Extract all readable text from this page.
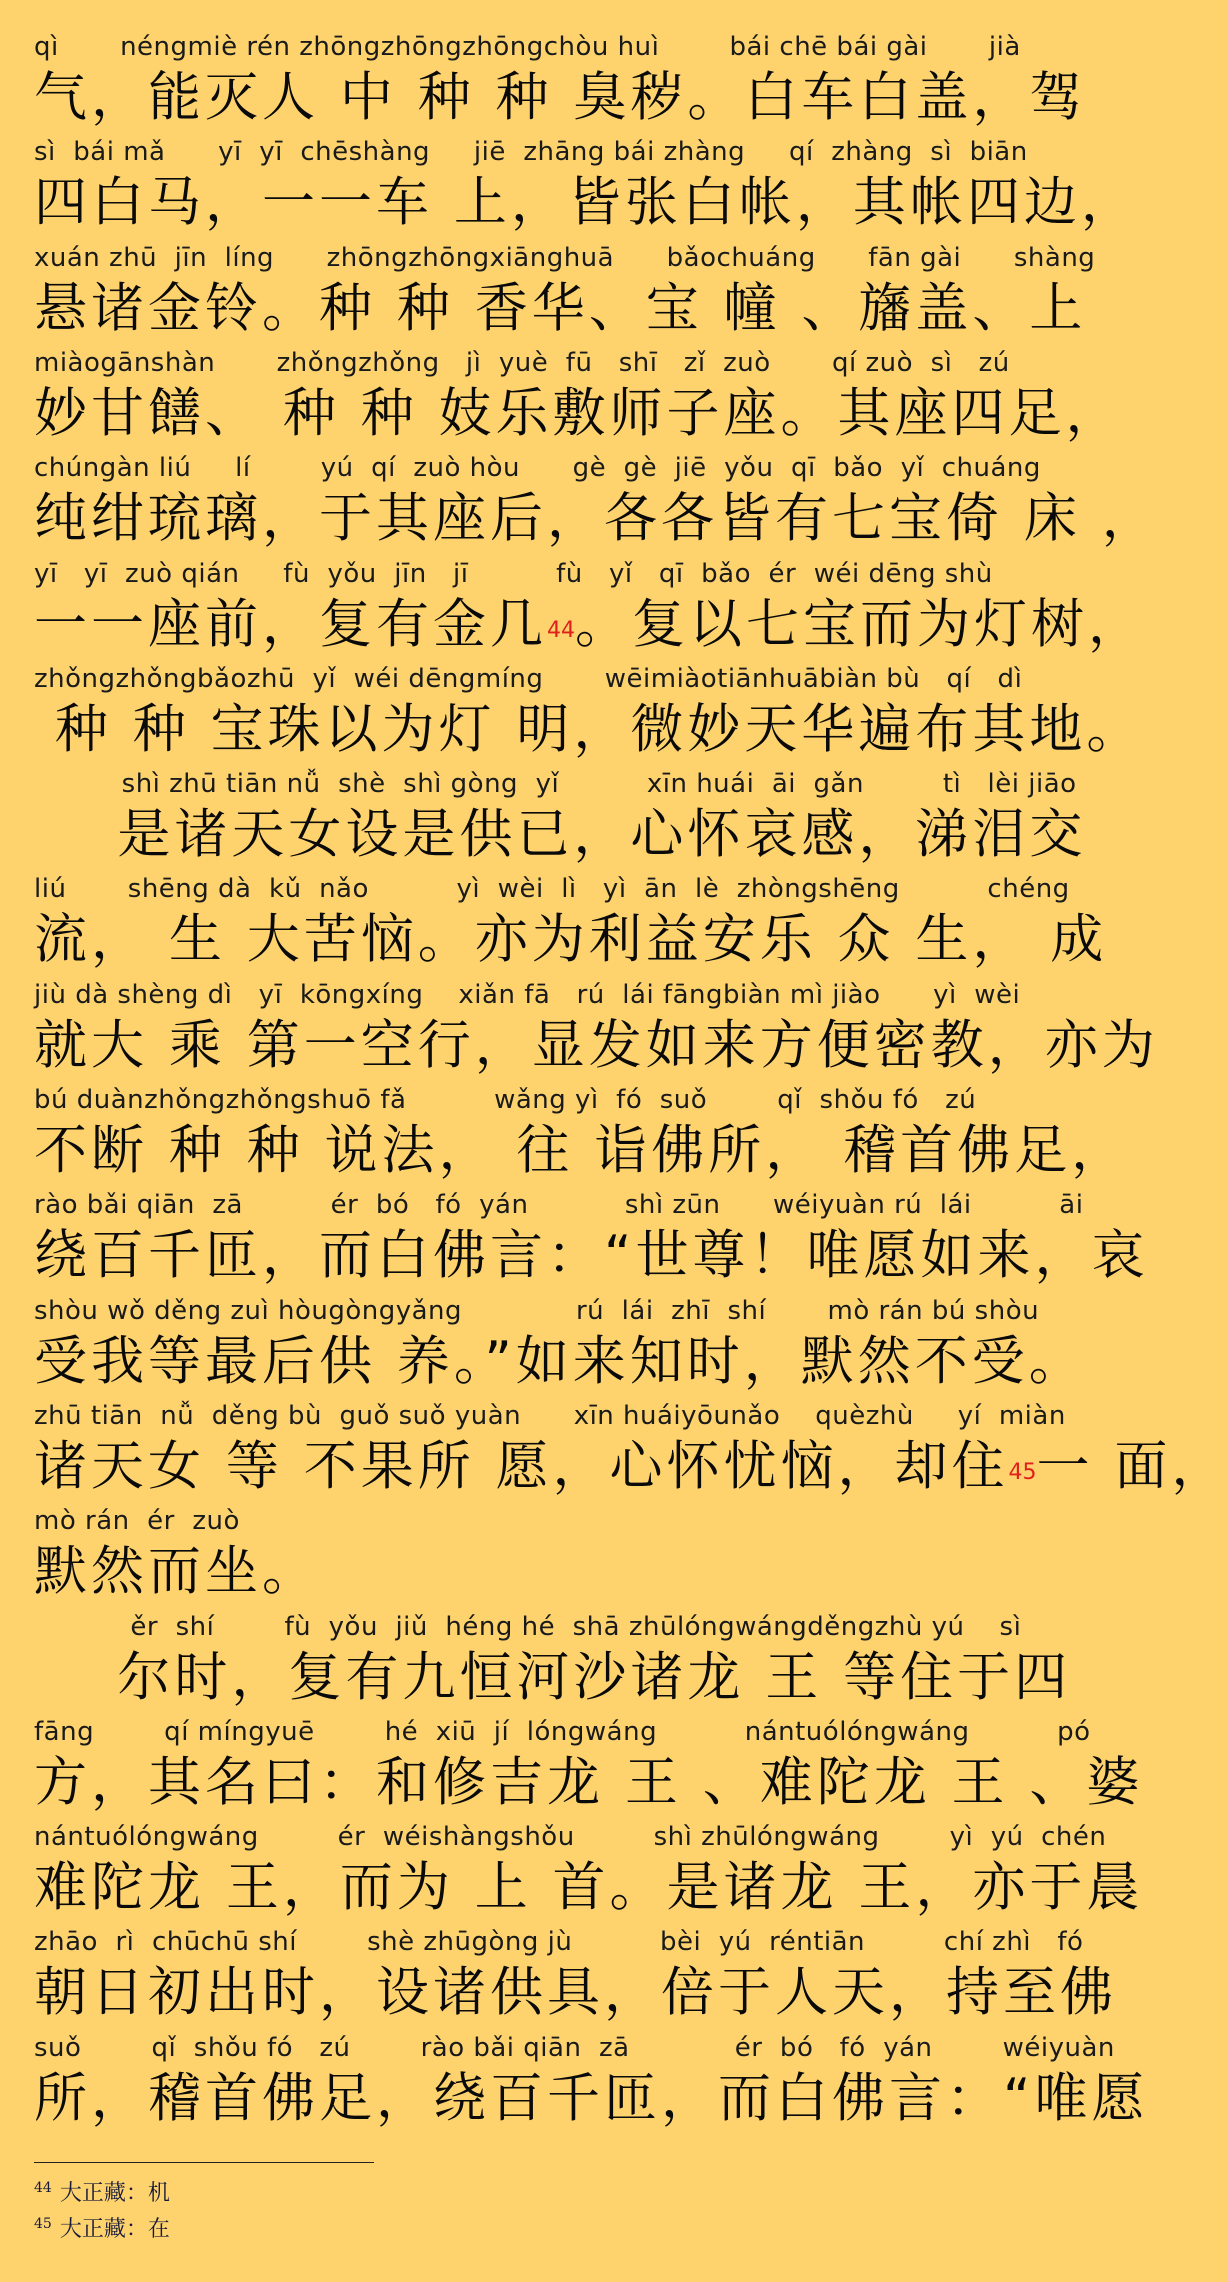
qì       néngmiè rén zhōngzhōngzhōngchòu huì        bái chē bái gài       jià
气，能灭人 中 种 种 臭秽。白车白盖，驾
sì  bái mǎ      yī  yī  chēshàng     jiē  zhāng bái zhàng     qí  zhàng  sì  biān
四白马，一一车 上，皆张白帐，其帐四边，
xuán zhū  jīn  líng      zhōngzhōngxiānghuā      bǎochuáng      fān gài      shàng
悬诸金铃。种 种 香华、宝 幢 、旛盖、上
miàogānshàn       zhǒngzhǒng   jì  yuè  fū   shī   zǐ  zuò       qí zuò  sì   zú
妙甘饍、 种 种 妓乐敷师子座。其座四足，
chúngàn liú     lí        yú  qí  zuò hòu      gè  gè  jiē  yǒu  qī  bǎo  yǐ  chuáng
纯绀琉璃，于其座后，各各皆有七宝倚 床 ，
yī   yī  zuò qián     fù  yǒu  jīn   jī          fù   yǐ   qī  bǎo  ér  wéi dēng shù
一一座前，复有金几$^{44}$。复以七宝而为灯树，
zhǒngzhǒngbǎozhū  yǐ  wéi dēngmíng       wēimiàotiānhuābiàn bù   qí   dì
种 种 宝珠以为灯 明，微妙天华遍布其地。
shì zhū tiān nǚ  shè  shì gòng  yǐ          xīn huái  āi  gǎn         tì   lèi jiāo
是诸天女设是供已，心怀哀感，涕泪交
liú       shēng dà  kǔ  nǎo          yì  wèi  lì   yì  ān  lè  zhòngshēng          chéng
流， 生 大苦恼。亦为利益安乐 众 生， 成
jiù dà shèng dì   yī  kōngxíng    xiǎn fā   rú  lái fāngbiàn mì jiào      yì  wèi
就大 乘 第一空行，显发如来方便密教，亦为
bú duànzhǒngzhǒngshuō fǎ          wǎng yì  fó  suǒ        qǐ  shǒu fó   zú
不断 种 种 说法， 往 诣佛所， 稽首佛足，
rào bǎi qiān  zā          ér  bó   fó  yán           shì zūn      wéiyuàn rú  lái          āi
绕百千匝，而白佛言：“世尊！唯愿如来，哀
shòu wǒ děng zuì hòugòngyǎng             rú  lái  zhī  shí       mò rán bú shòu
受我等最后供 养。”如来知时，默然不受。
zhū tiān  nǚ  děng bù  guǒ suǒ yuàn      xīn huáiyōunǎo    quèzhù     yí  miàn
诸天女 等 不果所 愿，心怀忧恼，却住$^{45}$一 面，
mò rán  ér  zuò
默然而坐。
ěr  shí        fù  yǒu  jiǔ  héng hé  shā zhūlóngwángděngzhù yú    sì
尔时，复有九恒河沙诸龙 王 等住于四
fāng        qí míngyuē        hé  xiū  jí  lóngwáng          nántuólóngwáng          pó
方，其名曰：和修吉龙 王 、难陀龙 王 、婆
nántuólóngwáng         ér  wéishàngshǒu         shì zhūlóngwáng        yì  yú  chén
难陀龙 王，而为 上 首。是诸龙 王，亦于晨
zhāo  rì  chūchū shí        shè zhūgòng jù          bèi  yú  réntiān         chí zhì   fó
朝日初出时，设诸供具，倍于人天，持至佛
suǒ        qǐ  shǒu fó   zú        rào bǎi qiān  zā            ér  bó   fó  yán        wéiyuàn
所，稽首佛足，绕百千匝，而白佛言：“唯愿
$^{44}$ 大正藏：机
$^{45}$ 大正藏：在
